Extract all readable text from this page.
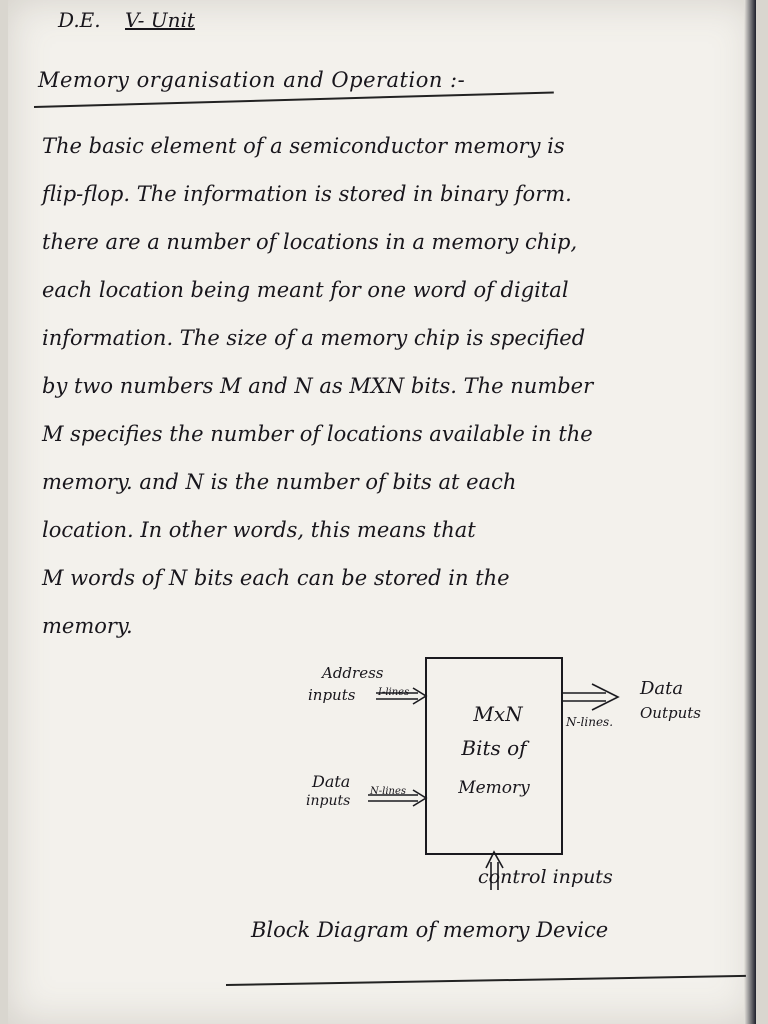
D.E. V- Unit
Memory organisation and Operation :-
The basic element of a semiconductor memory is
flip-flop. The information is stored in binary form.
there are a number of locations in a memory chip,
each location being meant for one word of digital
information. The size of a memory chip is specified
by two numbers M and N as MXN bits. The number
M specifies the number of locations available in the
memory. and N is the number of bits at each
location. In other words, this means that
M words of N bits each can be stored in the
memory.
MxN
Bits of
Memory
Address
inputs I-lines
Data
inputs
N-lines
Data
Outputs
N-lines.
control inputs
Block Diagram of memory Device
